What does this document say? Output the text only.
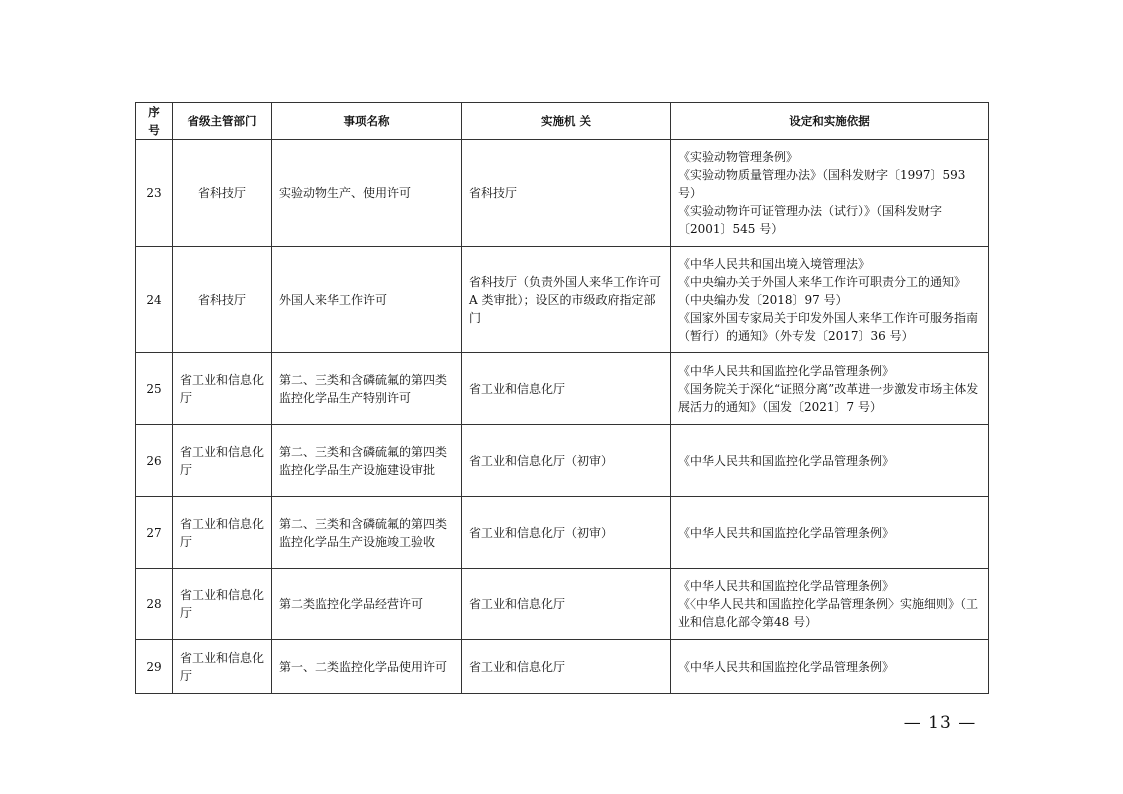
序号	省级主管部门	事项名称	实施机 关	设定和实施依据
23	省科技厅	实验动物生产、使用许可	省科技厅	《实验动物管理条例》
《实验动物质量管理办法》（国科发财字〔1997〕593 号）
《实验动物许可证管理办法（试行）》（国科发财字〔2001〕545 号）

24	省科技厅	外国人来华工作许可	省科技厅（负责外国人来华工作许可A 类审批）；设区的市级政府指定部门	《中华人民共和国出境入境管理法》
《中央编办关于外国人来华工作许可职责分工的通知》（中央编办发〔2018〕97 号）
《国家外国专家局关于印发外国人来华工作许可服务指南（暂行）的通知》（外专发〔2017〕36 号）

25	省工业和信息化厅	第二、三类和含磷硫氟的第四类监控化学品生产特别许可	省工业和信息化厅	《中华人民共和国监控化学品管理条例》
《国务院关于深化“证照分离”改革进一步激发市场主体发展活力的通知》（国发〔2021〕7 号）

26	省工业和信息化厅	第二、三类和含磷硫氟的第四类监控化学品生产设施建设审批	省工业和信息化厅（初审）	《中华人民共和国监控化学品管理条例》

27	省工业和信息化厅	第二、三类和含磷硫氟的第四类监控化学品生产设施竣工验收	省工业和信息化厅（初审）	《中华人民共和国监控化学品管理条例》

28	省工业和信息化厅	第二类监控化学品经营许可	省工业和信息化厅	《中华人民共和国监控化学品管理条例》
《〈中华人民共和国监控化学品管理条例〉实施细则》（工业和信息化部令第48 号）

29	省工业和信息化厅	第一、二类监控化学品使用许可	省工业和信息化厅	《中华人民共和国监控化学品管理条例》
— 13 —
